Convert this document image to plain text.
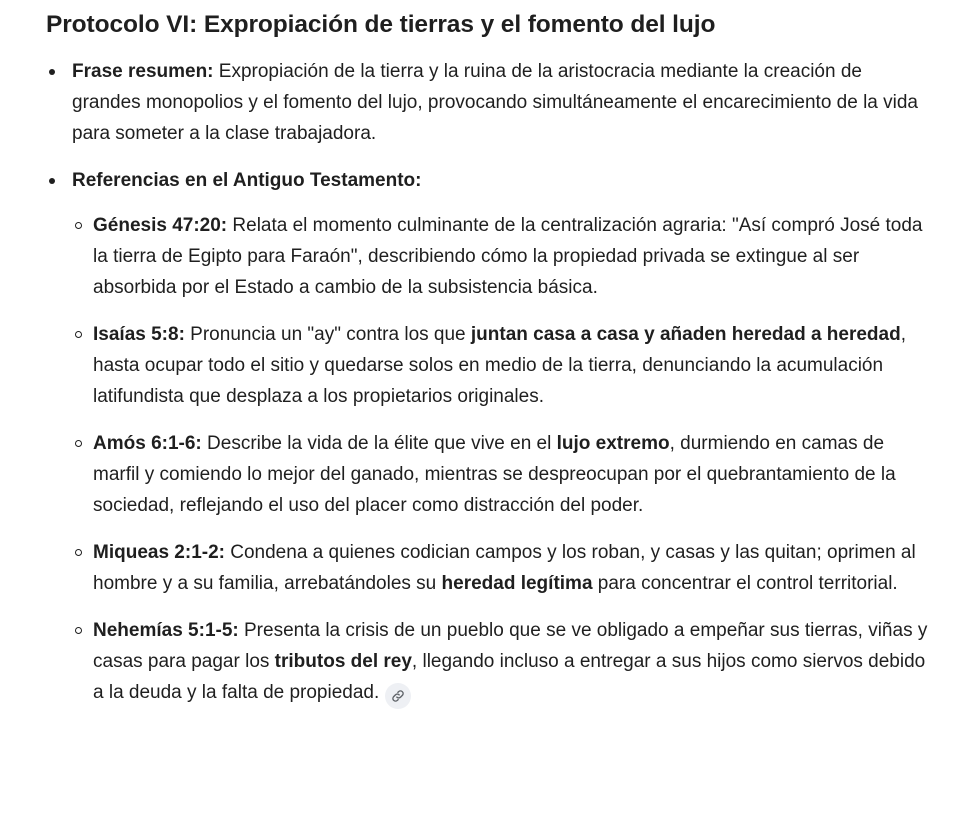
Protocolo VI: Expropiación de tierras y el fomento del lujo
Frase resumen: Expropiación de la tierra y la ruina de la aristocracia mediante la creación de grandes monopolios y el fomento del lujo, provocando simultáneamente el encarecimiento de la vida para someter a la clase trabajadora.
Referencias en el Antiguo Testamento:
Génesis 47:20: Relata el momento culminante de la centralización agraria: "Así compró José toda la tierra de Egipto para Faraón", describiendo cómo la propiedad privada se extingue al ser absorbida por el Estado a cambio de la subsistencia básica.
Isaías 5:8: Pronuncia un "ay" contra los que juntan casa a casa y añaden heredad a heredad, hasta ocupar todo el sitio y quedarse solos en medio de la tierra, denunciando la acumulación latifundista que desplaza a los propietarios originales.
Amós 6:1-6: Describe la vida de la élite que vive en el lujo extremo, durmiendo en camas de marfil y comiendo lo mejor del ganado, mientras se despreocupan por el quebrantamiento de la sociedad, reflejando el uso del placer como distracción del poder.
Miqueas 2:1-2: Condena a quienes codician campos y los roban, y casas y las quitan; oprimen al hombre y a su familia, arrebatándoles su heredad legítima para concentrar el control territorial.
Nehemías 5:1-5: Presenta la crisis de un pueblo que se ve obligado a empeñar sus tierras, viñas y casas para pagar los tributos del rey, llegando incluso a entregar a sus hijos como siervos debido a la deuda y la falta de propiedad.
